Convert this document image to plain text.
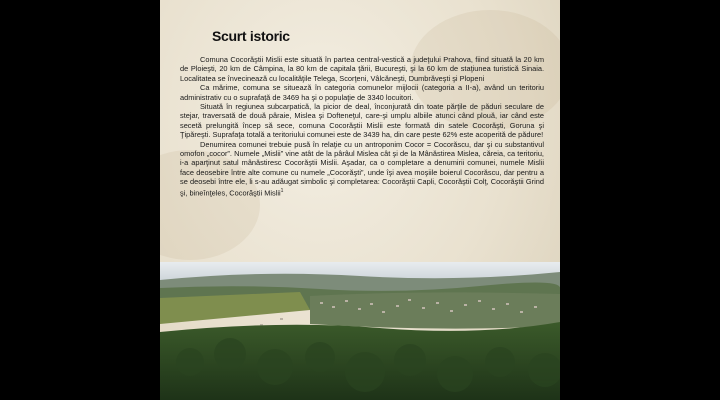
Scurt istoric

Comuna Cocorăştii Mislii este situată în partea central-vestică a judeţului Prahova, fiind situată la 20 km de Ploieşti, 20 km de Câmpina, la 80 km de capitala ţării, Bucureşti, şi la 60 km de staţiunea turistică Sinaia. Localitatea se învecinează cu localităţile Telega, Scorţeni, Vâlcăneşti, Dumbrăveşti şi Plopeni

Ca mărime, comuna se situează în categoria comunelor mijlocii (categoria a II-a), având un teritoriu administrativ cu o suprafaţă de 3469 ha şi o populaţie de 3340 locuitori.

Situată în regiunea subcarpatică, la picior de deal, înconjurată din toate părţile de păduri seculare de stejar, traversată de două pâraie, Mislea şi Dofteneţul, care-şi umplu albiile atunci când plouă, iar când este secetă prelungită încep să sece, comuna Cocorăştii Mislii este formată din satele Cocorăşti, Goruna şi Ţipăreşti. Suprafaţa totală a teritoriului comunei este de 3439 ha, din care peste 62% este acoperită de pădure!

Denumirea comunei trebuie pusă în relaţie cu un antroponim Cocor = Cocorăscu, dar şi cu substantivul omofon „cocor”. Numele „Mislii” vine atât de la pârâul Mislea cât şi de la Mânăstirea Mislea, căreia, ca teritoriu, i-a aparţinut satul mânăstiresc Cocorăştii Mislii. Aşadar, ca o completare a denumirii comunei, numele Mislii face deosebire între alte comune cu numele „Cocorăşti”, unde îşi avea moşiile boierul Cocorăscu, dar pentru a se deosebi între ele, li s-au adăugat simbolic şi completarea: Cocorăştii Capli, Cocorăştii Colţ, Cocorăştii Grind şi, bineînţeles, Cocorăştii Mislii$^1$
